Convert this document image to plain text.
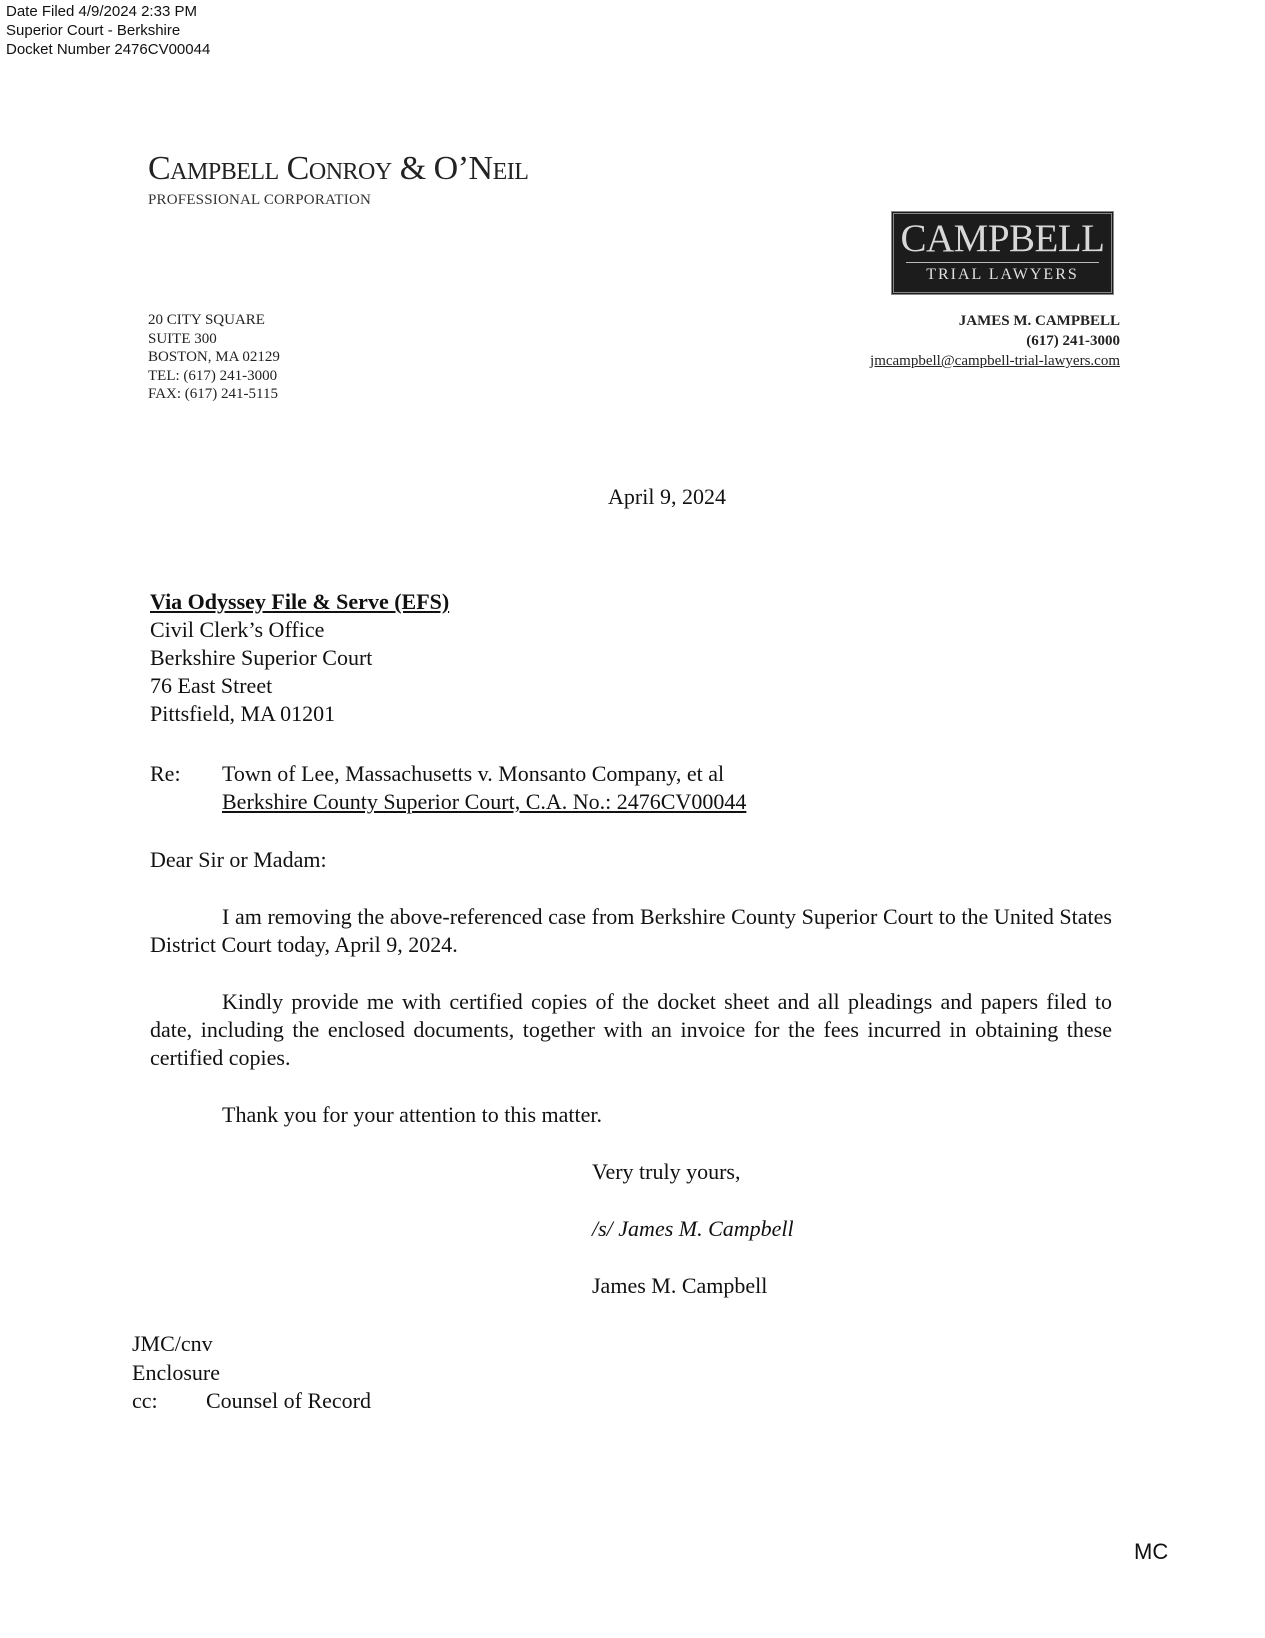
Date Filed 4/9/2024 2:33 PM
Superior Court - Berkshire
Docket Number 2476CV00044
Campbell Conroy & O’Neil
PROFESSIONAL CORPORATION
CAMPBELL
TRIAL LAWYERS
20 CITY SQUARE
SUITE 300
BOSTON, MA 02129
TEL: (617) 241-3000
FAX: (617) 241-5115
JAMES M. CAMPBELL
(617) 241-3000
jmcampbell@campbell-trial-lawyers.com
April 9, 2024
Via Odyssey File & Serve (EFS)
Civil Clerk’s Office
Berkshire Superior Court
76 East Street
Pittsfield, MA 01201
Re: Town of Lee, Massachusetts v. Monsanto Company, et al
Berkshire County Superior Court, C.A. No.: 2476CV00044
Dear Sir or Madam:
I am removing the above-referenced case from Berkshire County Superior Court to the United States District Court today, April 9, 2024.
Kindly provide me with certified copies of the docket sheet and all pleadings and papers filed to date, including the enclosed documents, together with an invoice for the fees incurred in obtaining these certified copies.
Thank you for your attention to this matter.
Very truly yours,
/s/ James M. Campbell
James M. Campbell
JMC/cnv
Enclosure
cc: Counsel of Record
MC
